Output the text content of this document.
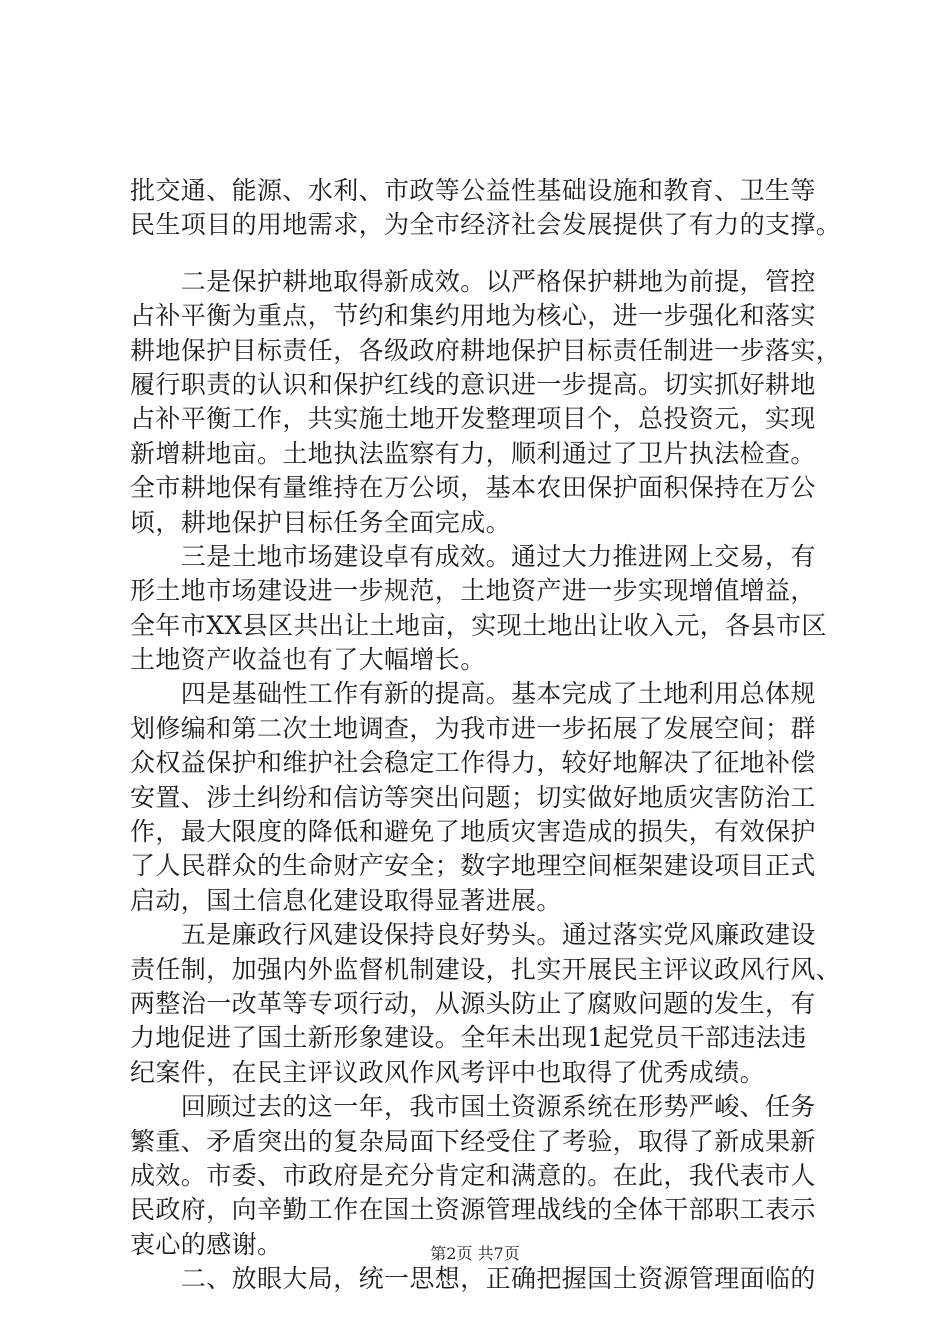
批交通、能源、水利、市政等公益性基础设施和教育、卫生等
民生项目的用地需求，为全市经济社会发展提供了有力的支撑。
　　二是保护耕地取得新成效。以严格保护耕地为前提，管控
占补平衡为重点，节约和集约用地为核心，进一步强化和落实
耕地保护目标责任，各级政府耕地保护目标责任制进一步落实，
履行职责的认识和保护红线的意识进一步提高。切实抓好耕地
占补平衡工作，共实施土地开发整理项目个，总投资元，实现
新增耕地亩。土地执法监察有力，顺利通过了卫片执法检查。
全市耕地保有量维持在万公顷，基本农田保护面积保持在万公
顷，耕地保护目标任务全面完成。
　　三是土地市场建设卓有成效。通过大力推进网上交易，有
形土地市场建设进一步规范，土地资产进一步实现增值增益，
全年市XX县区共出让土地亩，实现土地出让收入元，各县市区
土地资产收益也有了大幅增长。
　　四是基础性工作有新的提高。基本完成了土地利用总体规
划修编和第二次土地调查，为我市进一步拓展了发展空间；群
众权益保护和维护社会稳定工作得力，较好地解决了征地补偿
安置、涉土纠纷和信访等突出问题；切实做好地质灾害防治工
作，最大限度的降低和避免了地质灾害造成的损失，有效保护
了人民群众的生命财产安全；数字地理空间框架建设项目正式
启动，国土信息化建设取得显著进展。
　　五是廉政行风建设保持良好势头。通过落实党风廉政建设
责任制，加强内外监督机制建设，扎实开展民主评议政风行风、
两整治一改革等专项行动，从源头防止了腐败问题的发生，有
力地促进了国土新形象建设。全年未出现1起党员干部违法违
纪案件，在民主评议政风作风考评中也取得了优秀成绩。
　　回顾过去的这一年，我市国土资源系统在形势严峻、任务
繁重、矛盾突出的复杂局面下经受住了考验，取得了新成果新
成效。市委、市政府是充分肯定和满意的。在此，我代表市人
民政府，向辛勤工作在国土资源管理战线的全体干部职工表示
衷心的感谢。
　　二、放眼大局，统一思想，正确把握国土资源管理面临的
第2页 共7页
